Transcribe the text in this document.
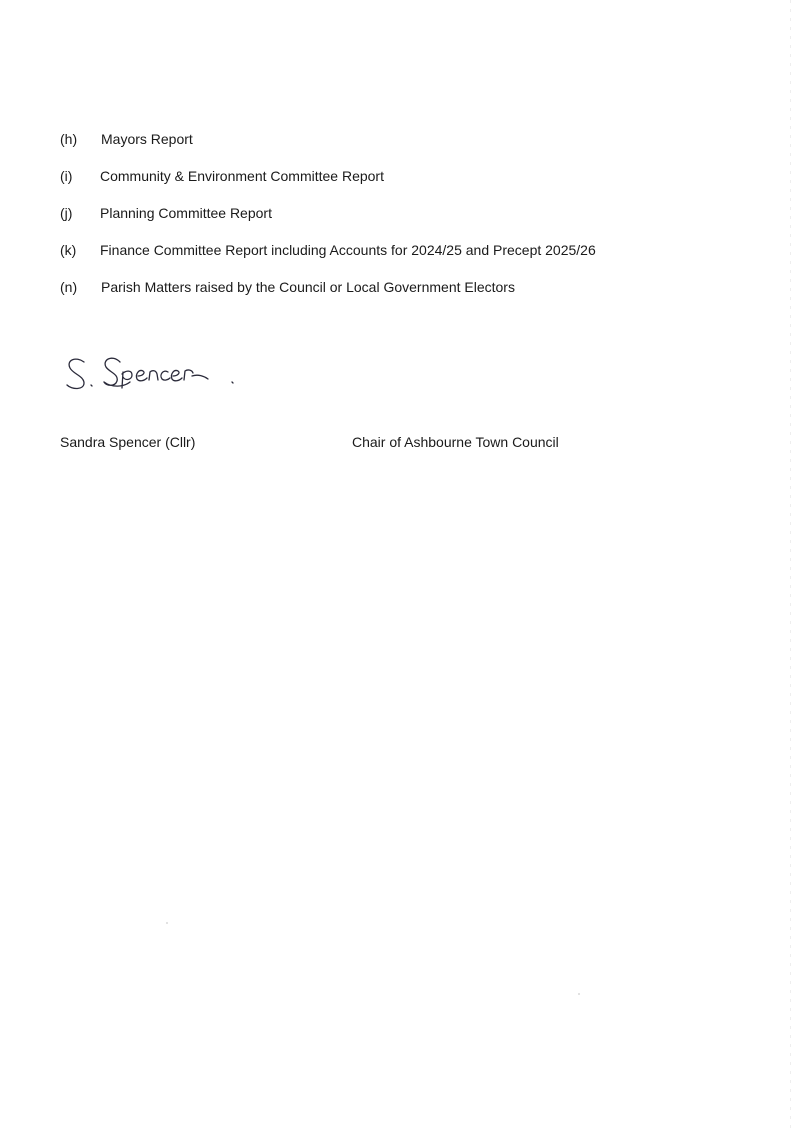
(h) Mayors Report
(i) Community & Environment Committee Report
(j) Planning Committee Report
(k) Finance Committee Report including Accounts for 2024/25 and Precept 2025/26
(n) Parish Matters raised by the Council or Local Government Electors
Sandra Spencer (Cllr)	Chair of Ashbourne Town Council
